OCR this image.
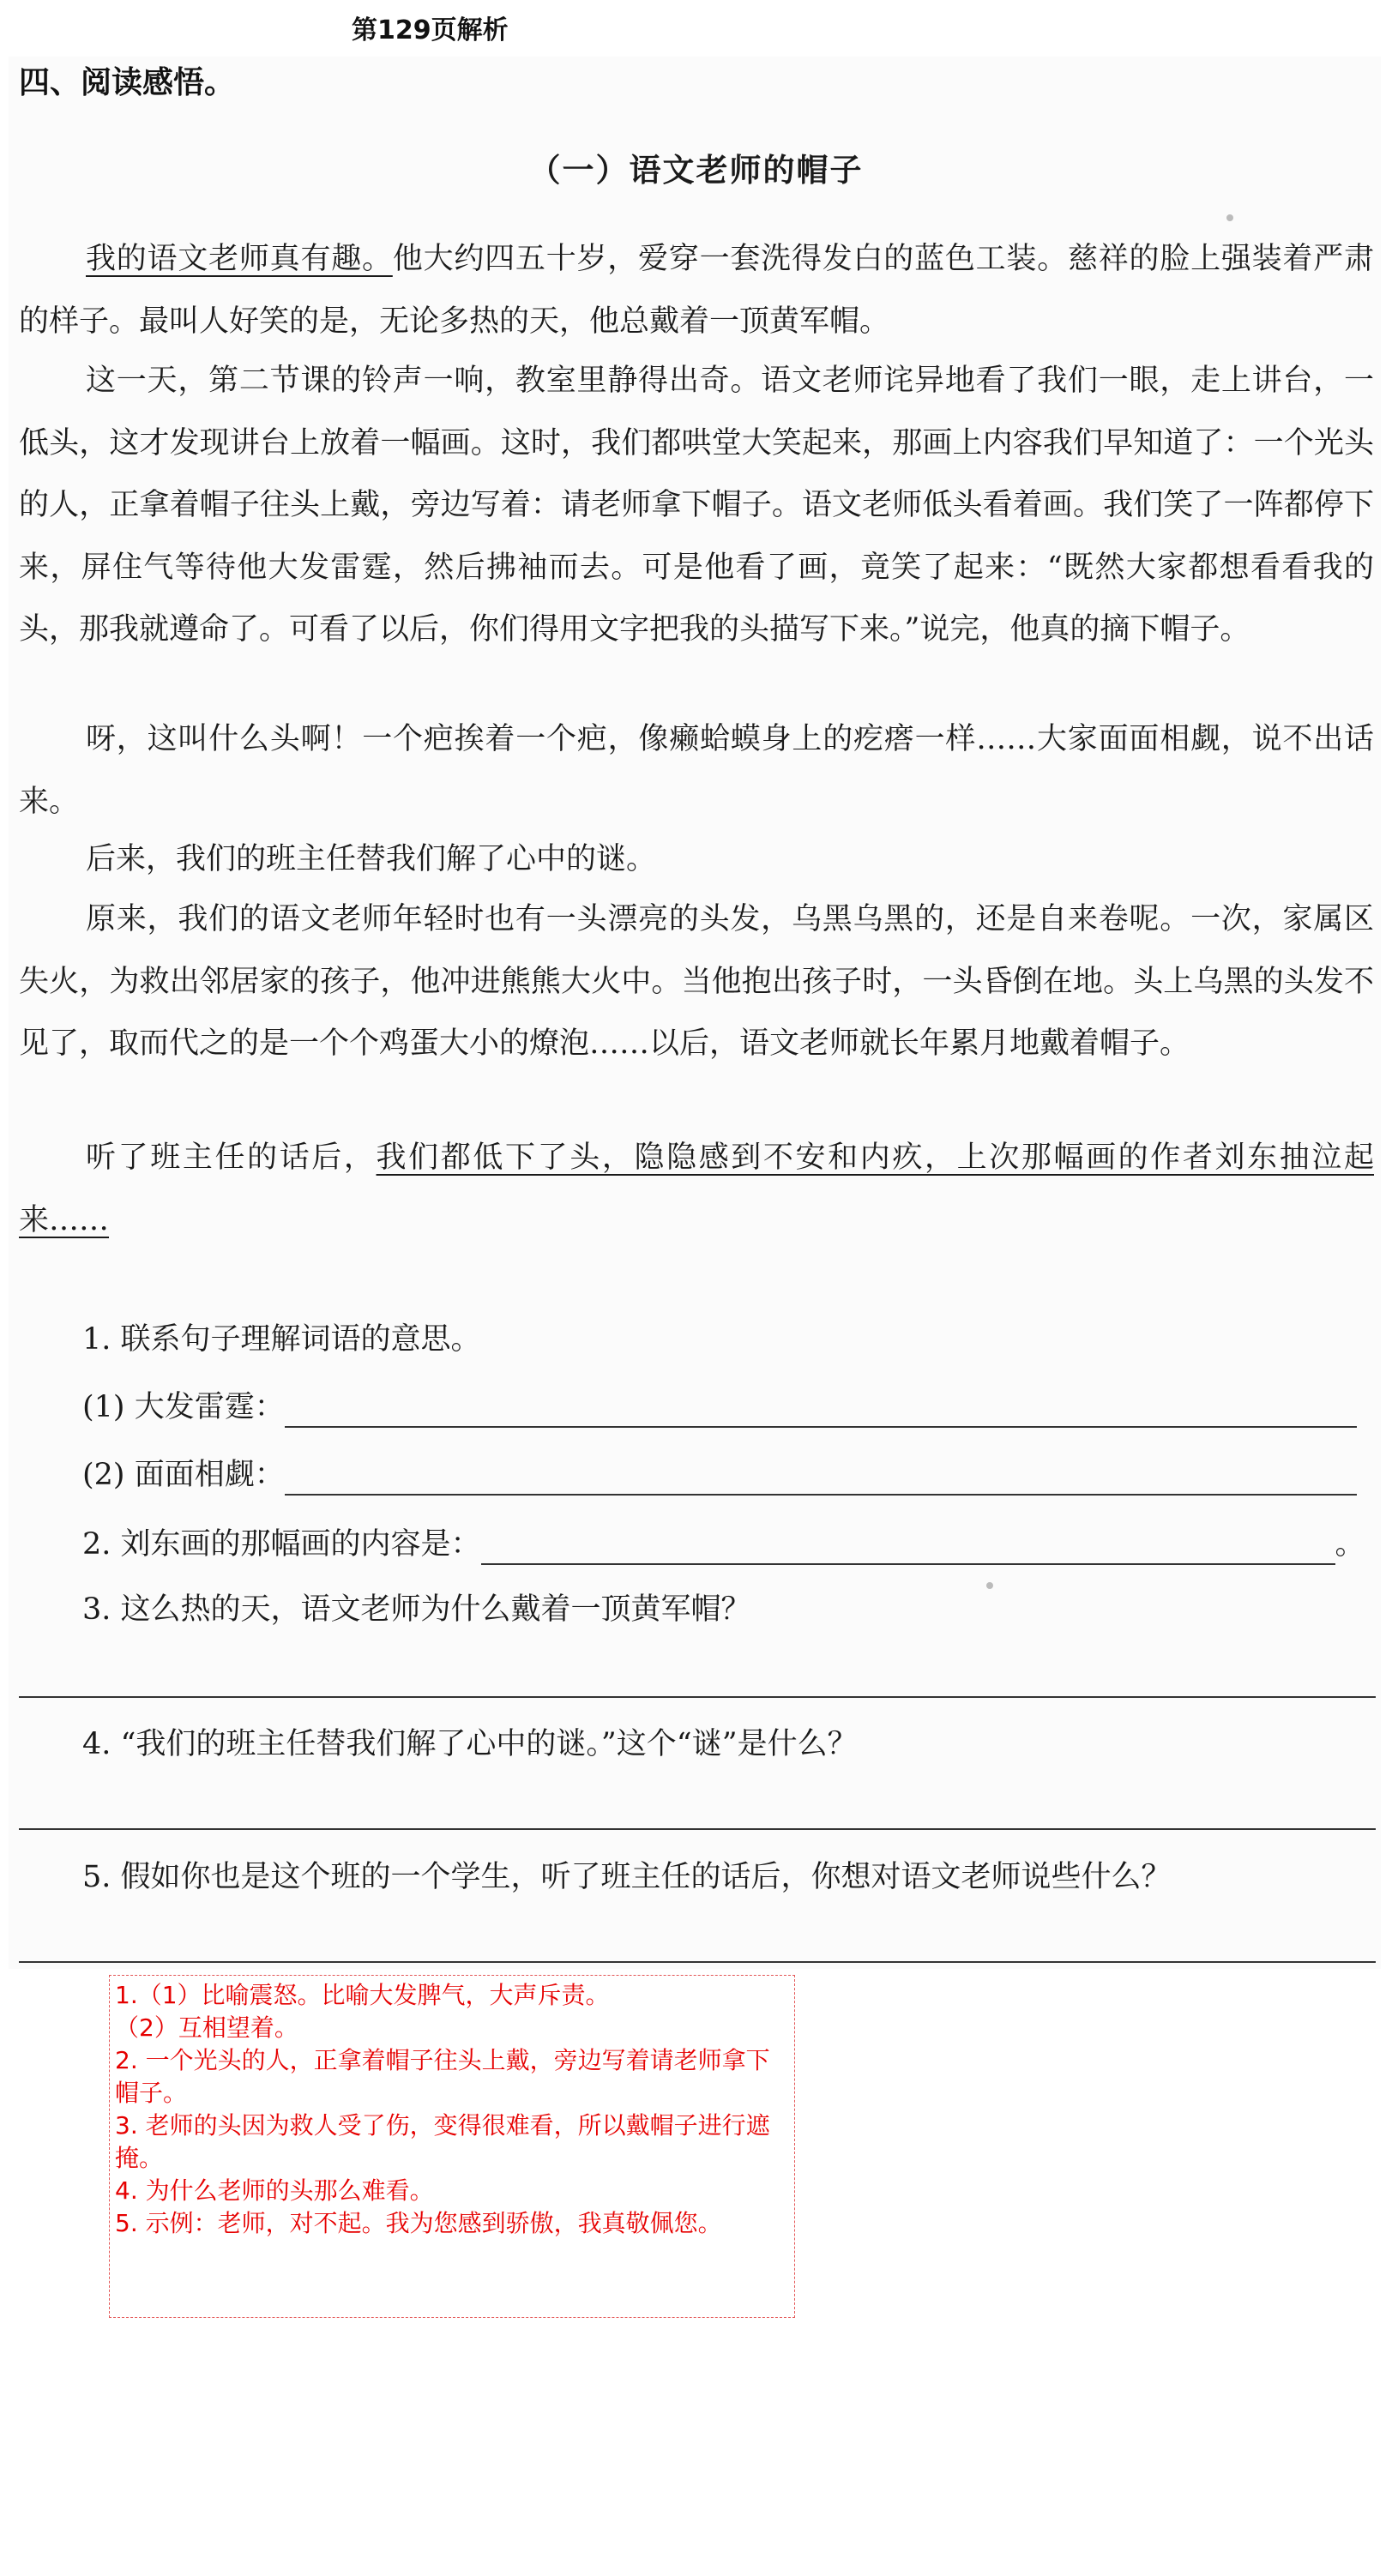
第129页解析
四、阅读感悟。
（一）语文老师的帽子

我的语文老师真有趣。他大约四五十岁，爱穿一套洗得发白的蓝色工装。慈祥的脸上强装着严肃的样子。最叫人好笑的是，无论多热的天，他总戴着一顶黄军帽。

这一天，第二节课的铃声一响，教室里静得出奇。语文老师诧异地看了我们一眼，走上讲台，一低头，这才发现讲台上放着一幅画。这时，我们都哄堂大笑起来，那画上内容我们早知道了：一个光头的人，正拿着帽子往头上戴，旁边写着：请老师拿下帽子。语文老师低头看着画。我们笑了一阵都停下来，屏住气等待他大发雷霆，然后拂袖而去。可是他看了画，竟笑了起来：“既然大家都想看看我的头，那我就遵命了。可看了以后，你们得用文字把我的头描写下来。”说完，他真的摘下帽子。

呀，这叫什么头啊！一个疤挨着一个疤，像癞蛤蟆身上的疙瘩一样……大家面面相觑，说不出话来。

后来，我们的班主任替我们解了心中的谜。

原来，我们的语文老师年轻时也有一头漂亮的头发，乌黑乌黑的，还是自来卷呢。一次，家属区失火，为救出邻居家的孩子，他冲进熊熊大火中。当他抱出孩子时，一头昏倒在地。头上乌黑的头发不见了，取而代之的是一个个鸡蛋大小的燎泡……以后，语文老师就长年累月地戴着帽子。

听了班主任的话后，我们都低下了头，隐隐感到不安和内疚，上次那幅画的作者刘东抽泣起来……

1. 联系句子理解词语的意思。
(1) 大发雷霆：
(2) 面面相觑：
2. 刘东画的那幅画的内容是：	。
3. 这么热的天，语文老师为什么戴着一顶黄军帽？
4. “我们的班主任替我们解了心中的谜。”这个“谜”是什么？
5. 假如你也是这个班的一个学生，听了班主任的话后，你想对语文老师说些什么？

1.（1）比喻震怒。比喻大发脾气，大声斥责。

（2）互相望着。

2. 一个光头的人，正拿着帽子往头上戴，旁边写着请老师拿下帽子。

3. 老师的头因为救人受了伤，变得很难看，所以戴帽子进行遮掩。

4. 为什么老师的头那么难看。

5. 示例：老师，对不起。我为您感到骄傲，我真敬佩您。
